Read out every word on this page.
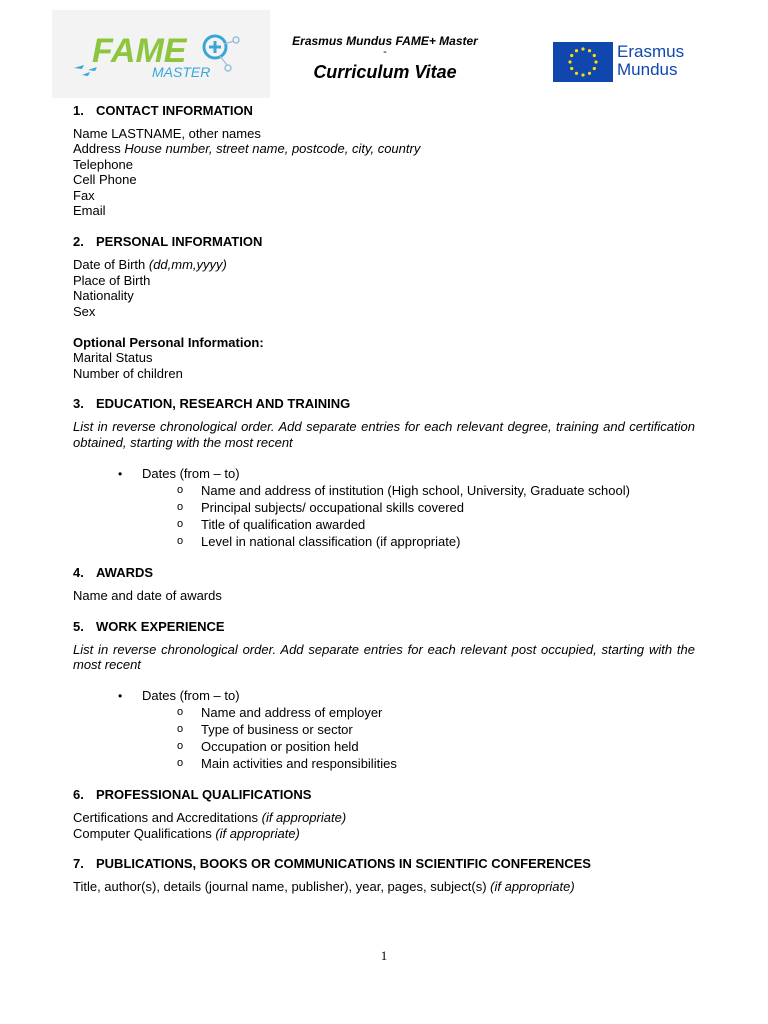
FAME
MASTER
Erasmus Mundus FAME+ Master
-
Curriculum Vitae
Erasmus
Mundus
1. CONTACT INFORMATION

Name LASTNAME, other names

Address House number, street name, postcode, city, country

Telephone

Cell Phone

Fax

Email

2. PERSONAL INFORMATION

Date of Birth (dd,mm,yyyy)

Place of Birth

Nationality

Sex

Optional Personal Information:

Marital Status

Number of children

3. EDUCATION, RESEARCH AND TRAINING

List in reverse chronological order. Add separate entries for each relevant degree, training and certification obtained, starting with the most recent

• Dates (from – to)

o Name and address of institution (High school, University, Graduate school)

o Principal subjects/ occupational skills covered

o Title of qualification awarded

o Level in national classification (if appropriate)

4. AWARDS

Name and date of awards

5. WORK EXPERIENCE

List in reverse chronological order. Add separate entries for each relevant post occupied, starting with the most recent

• Dates (from – to)

o Name and address of employer

o Type of business or sector

o Occupation or position held

o Main activities and responsibilities

6. PROFESSIONAL QUALIFICATIONS

Certifications and Accreditations (if appropriate)

Computer Qualifications (if appropriate)

7. PUBLICATIONS, BOOKS OR COMMUNICATIONS IN SCIENTIFIC CONFERENCES

Title, author(s), details (journal name, publisher), year, pages, subject(s) (if appropriate)

1
